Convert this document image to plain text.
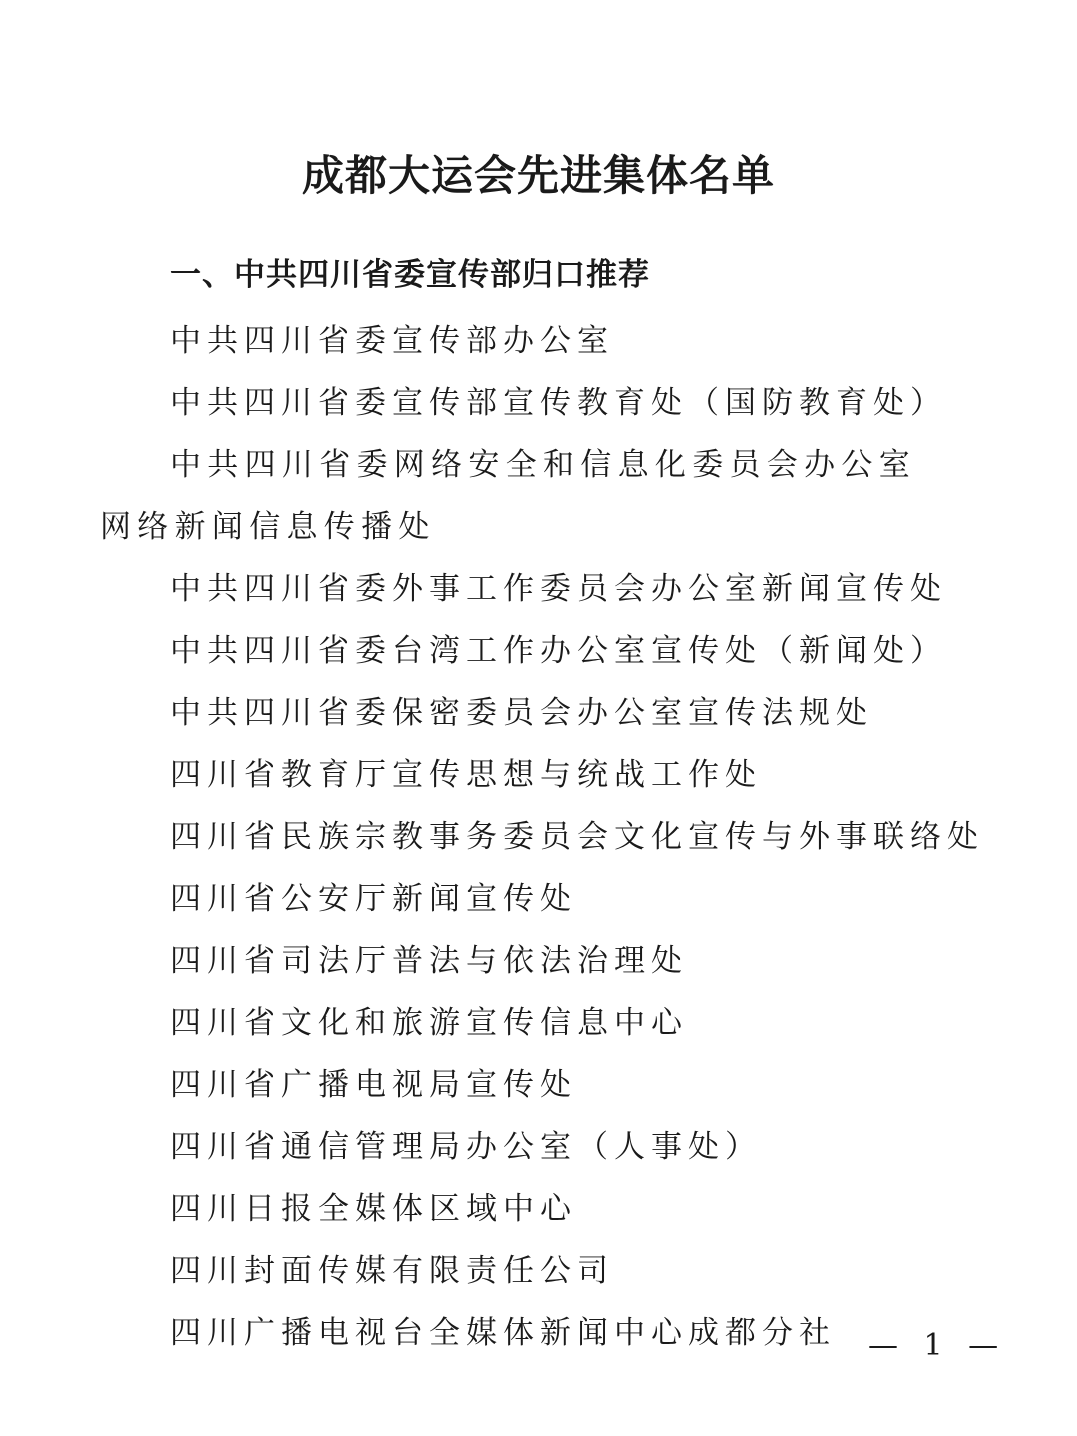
成都大运会先进集体名单
一、中共四川省委宣传部归口推荐
中共四川省委宣传部办公室
中共四川省委宣传部宣传教育处（国防教育处）
中共四川省委网络安全和信息化委员会办公室网络新闻信息传播处
中共四川省委外事工作委员会办公室新闻宣传处
中共四川省委台湾工作办公室宣传处（新闻处）
中共四川省委保密委员会办公室宣传法规处
四川省教育厅宣传思想与统战工作处
四川省民族宗教事务委员会文化宣传与外事联络处
四川省公安厅新闻宣传处
四川省司法厅普法与依法治理处
四川省文化和旅游宣传信息中心
四川省广播电视局宣传处
四川省通信管理局办公室（人事处）
四川日报全媒体区域中心
四川封面传媒有限责任公司
四川广播电视台全媒体新闻中心成都分社	— 1 —
